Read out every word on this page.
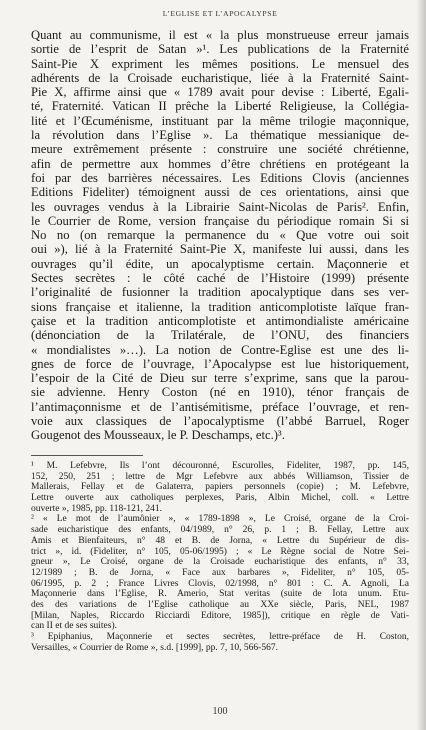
L’EGLISE ET L’APOCALYPSE
Quant au communisme, il est « la plus monstrueuse erreur jamais
sortie de l’esprit de Satan »¹. Les publications de la Fraternité
Saint-Pie X expriment les mêmes positions. Le mensuel des
adhérents de la Croisade eucharistique, liée à la Fraternité Saint-
Pie X, affirme ainsi que « 1789 avait pour devise : Liberté, Egali-
té, Fraternité. Vatican II prêche la Liberté Religieuse, la Collégia-
lité et l’Œcuménisme, instituant par la même trilogie maçonnique,
la révolution dans l’Eglise ». La thématique messianique de-
meure extrêmement présente : construire une société chrétienne,
afin de permettre aux hommes d’être chrétiens en protégeant la
foi par des barrières nécessaires. Les Editions Clovis (anciennes
Editions Fideliter) témoignent aussi de ces orientations, ainsi que
les ouvrages vendus à la Librairie Saint-Nicolas de Paris². Enfin,
le Courrier de Rome, version française du périodique romain Si si
No no (on remarque la permanence du « Que votre oui soit
oui »), lié à la Fraternité Saint-Pie X, manifeste lui aussi, dans les
ouvrages qu’il édite, un apocalyptisme certain. Maçonnerie et
Sectes secrètes : le côté caché de l’Histoire (1999) présente
l’originalité de fusionner la tradition apocalyptique dans ses ver-
sions française et italienne, la tradition anticomplotiste laïque fran-
çaise et la tradition anticomplotiste et antimondialiste américaine
(dénonciation de la Trilatérale, de l’ONU, des financiers
« mondialistes »…). La notion de Contre-Eglise est une des li-
gnes de force de l’ouvrage, l’Apocalypse est lue historiquement,
l’espoir de la Cité de Dieu sur terre s’exprime, sans que la parou-
sie advienne. Henry Coston (né en 1910), ténor français de
l’antimaçonnisme et de l’antisémitisme, préface l’ouvrage, et ren-
voie aux classiques de l’apocalyptisme (l’abbé Barruel, Roger
Gougenot des Mousseaux, le P. Deschamps, etc.)³.
¹ M. Lefebvre, Ils l’ont découronné, Escurolles, Fideliter, 1987, pp. 145,
152, 250, 251 ; lettre de Mgr Lefebvre aux abbés Williamson, Tissier de
Mallerais, Fellay et de Galaterra, papiers personnels (copie) ; M. Lefebvre,
Lettre ouverte aux catholiques perplexes, Paris, Albin Michel, coll. « Lettre
ouverte », 1985, pp. 118-121, 241.
² « Le mot de l’aumônier », « 1789-1898 », Le Croisé, organe de la Croi-
sade eucharistique des enfants, 04/1989, n° 26, p. 1 ; B. Fellay, Lettre aux
Amis et Bienfaiteurs, n° 48 et B. de Jorna, « Lettre du Supérieur de dis-
trict », id. (Fideliter, n° 105, 05-06/1995) ; « Le Règne social de Notre Sei-
gneur », Le Croisé, organe de la Croisade eucharistique des enfants, n° 33,
12/1989 ; B. de Jorna, « Face aux barbares », Fideliter, n° 105, 05-
06/1995, p. 2 ; France Livres Clovis, 02/1998, n° 801 : C. A. Agnoli, La
Maçonnerie dans l’Eglise, R. Amerio, Stat veritas (suite de Iota unum. Etu-
des des variations de l’Eglise catholique au XXe siècle, Paris, NEL, 1987
[Milan, Naples, Riccardo Ricciardi Editore, 1985]), critique en règle de Vati-
can II et de ses suites).
³ Epiphanius, Maçonnerie et sectes secrètes, lettre-préface de H. Coston,
Versailles, « Courrier de Rome », s.d. [1999], pp. 7, 10, 566-567.
100
